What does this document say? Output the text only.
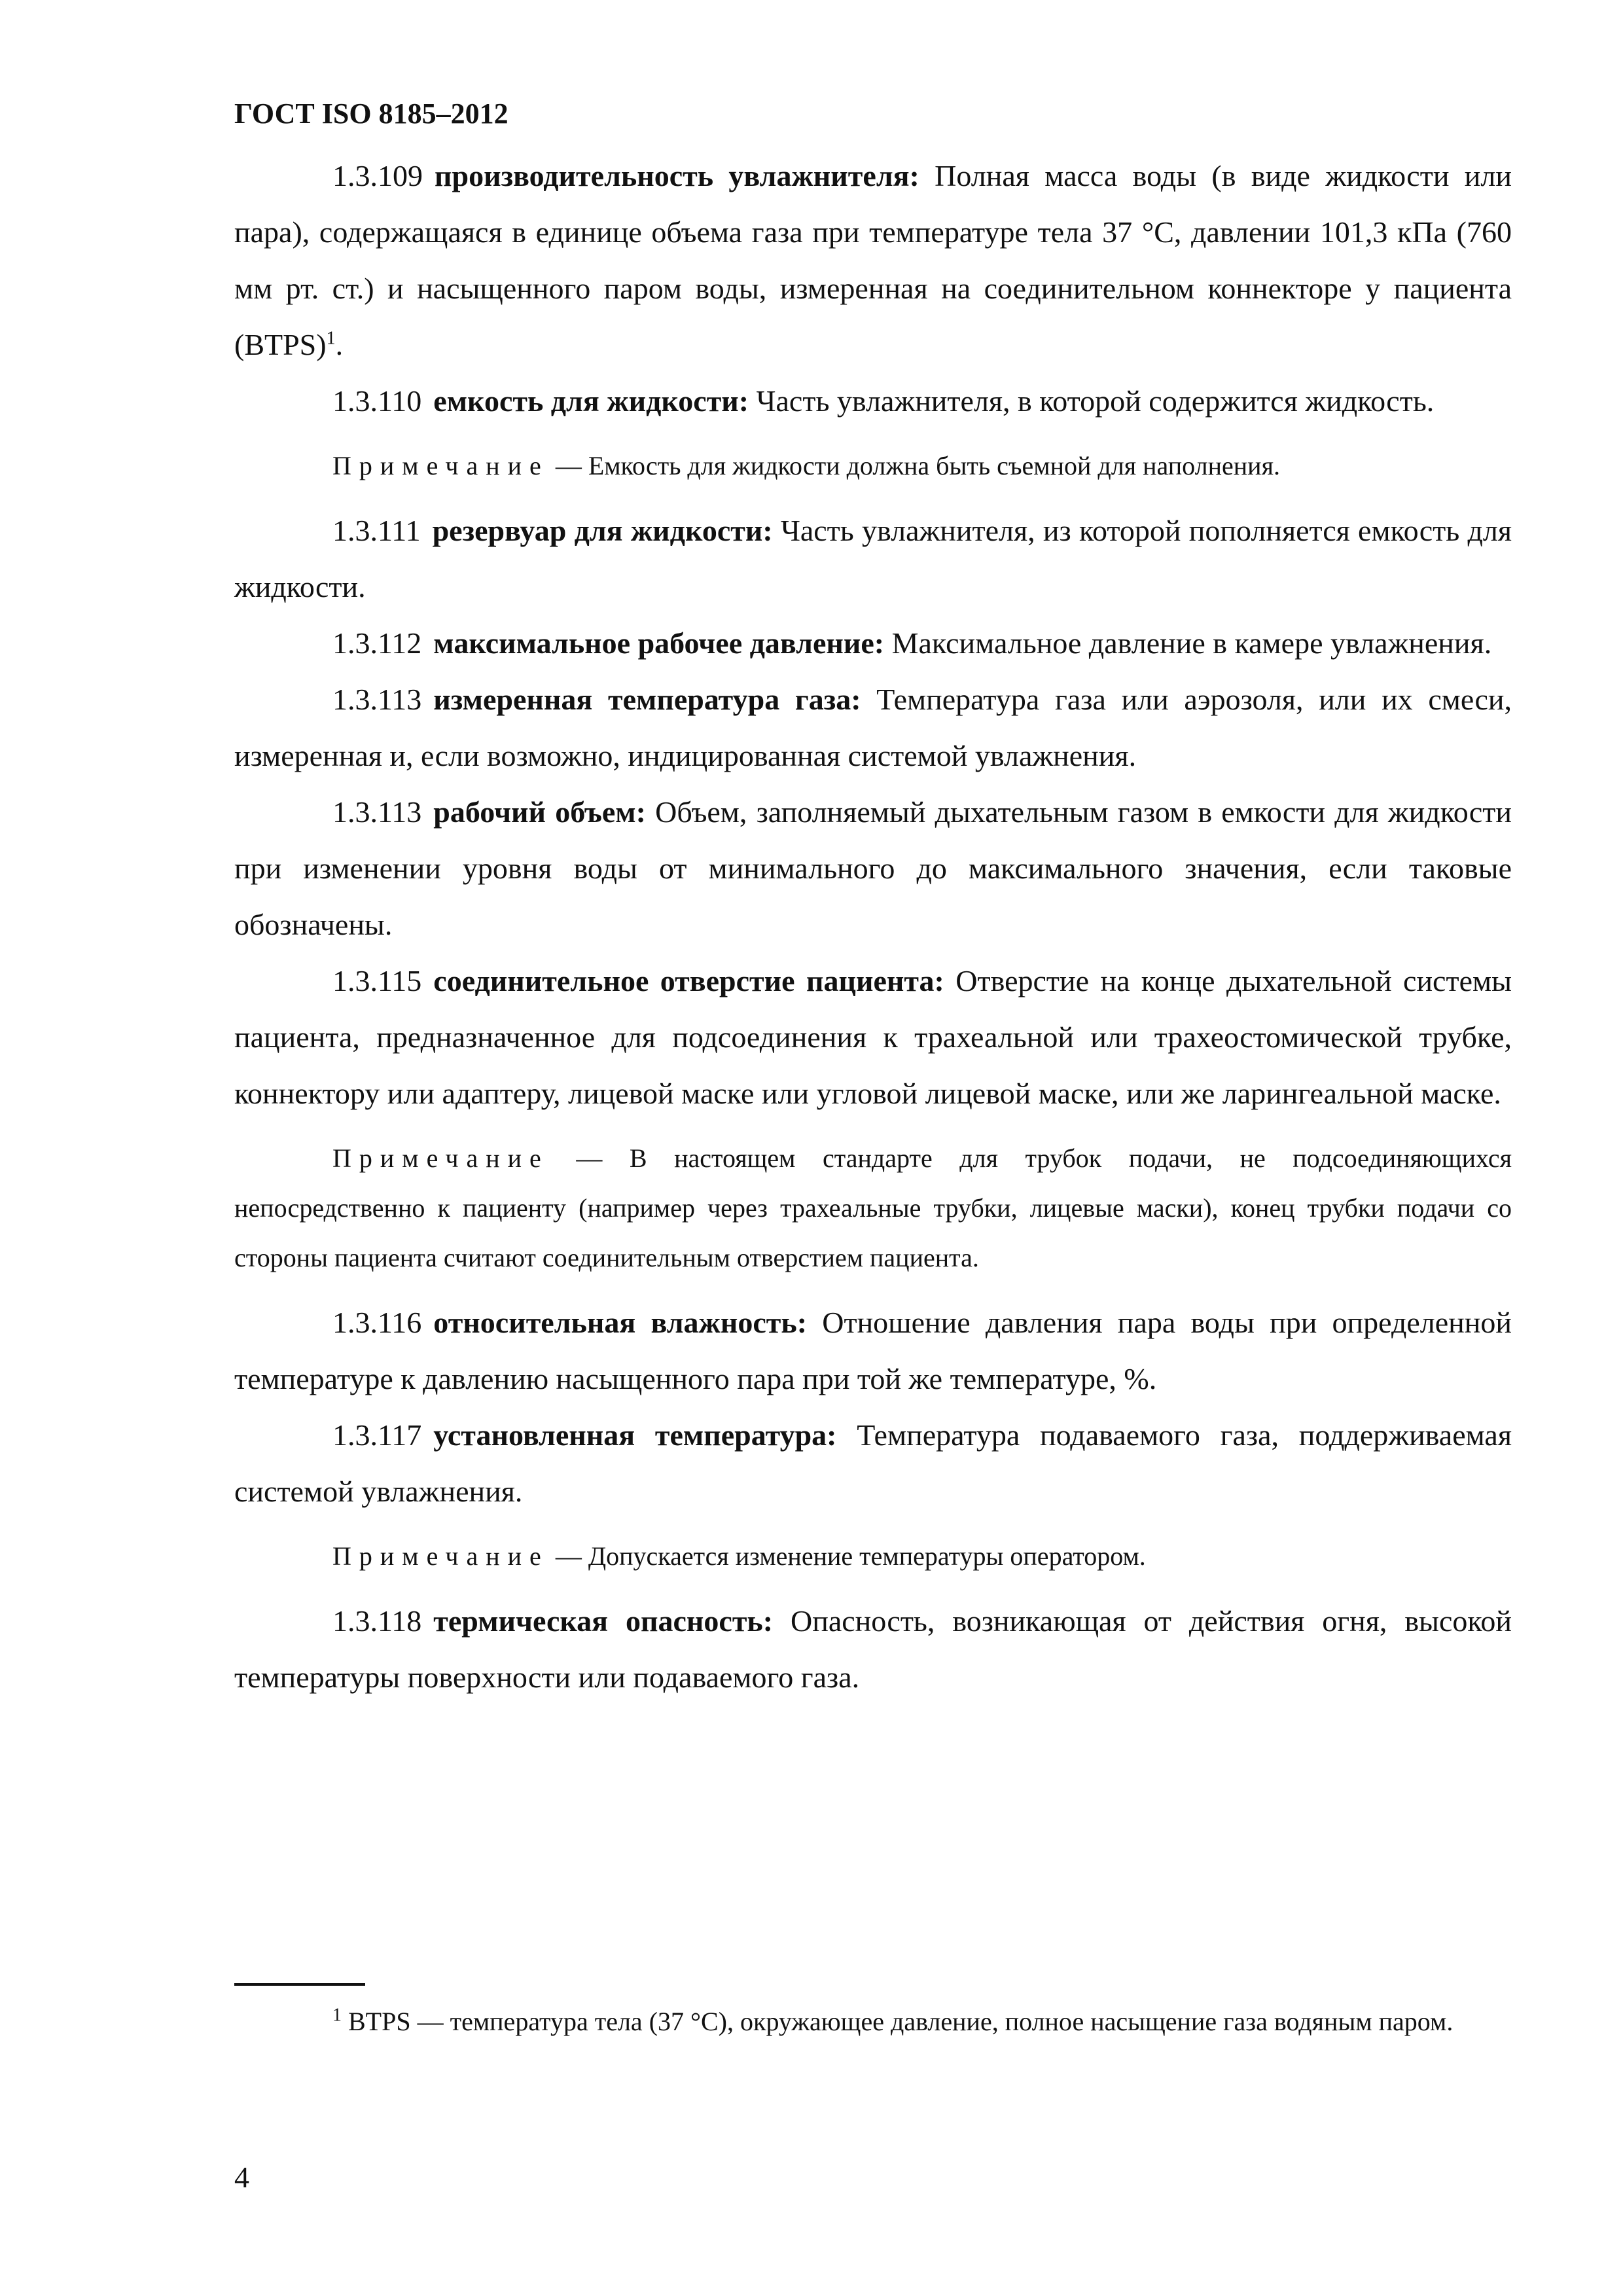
ГОСТ ISO 8185–2012

1.3.109 производительность увлажнителя: Полная масса воды (в виде жидкости или пара), содержащаяся в единице объема газа при температуре тела 37 °С, давлении 101,3 кПа (760 мм рт. ст.) и насыщенного паром воды, измеренная на соединительном коннекторе у пациента (BTPS)$^1$.

1.3.110 емкость для жидкости: Часть увлажнителя, в которой содержится жидкость.

Примечание — Емкость для жидкости должна быть съемной для наполнения.

1.3.111 резервуар для жидкости: Часть увлажнителя, из которой пополняется емкость для жидкости.

1.3.112 максимальное рабочее давление: Максимальное давление в камере увлажнения.

1.3.113 измеренная температура газа: Температура газа или аэрозоля, или их смеси, измеренная и, если возможно, индицированная системой увлажнения.

1.3.113 рабочий объем: Объем, заполняемый дыхательным газом в емкости для жидкости при изменении уровня воды от минимального до максимального значения, если таковые обозначены.

1.3.115 соединительное отверстие пациента: Отверстие на конце дыхательной системы пациента, предназначенное для подсоединения к трахеальной или трахеостомической трубке, коннектору или адаптеру, лицевой маске или угловой лицевой маске, или же ларингеальной маске.

Примечание — В настоящем стандарте для трубок подачи, не подсоединяющихся непосредственно к пациенту (например через трахеальные трубки, лицевые маски), конец трубки подачи со стороны пациента считают соединительным отверстием пациента.

1.3.116 относительная влажность: Отношение давления пара воды при определенной температуре к давлению насыщенного пара при той же температуре, %.

1.3.117 установленная температура: Температура подаваемого газа, поддерживаемая системой увлажнения.

Примечание — Допускается изменение температуры оператором.

1.3.118 термическая опасность: Опасность, возникающая от действия огня, высокой температуры поверхности или подаваемого газа.

$^1$ BTPS — температура тела (37 °С), окружающее давление, полное насыщение газа водяным паром.
4
